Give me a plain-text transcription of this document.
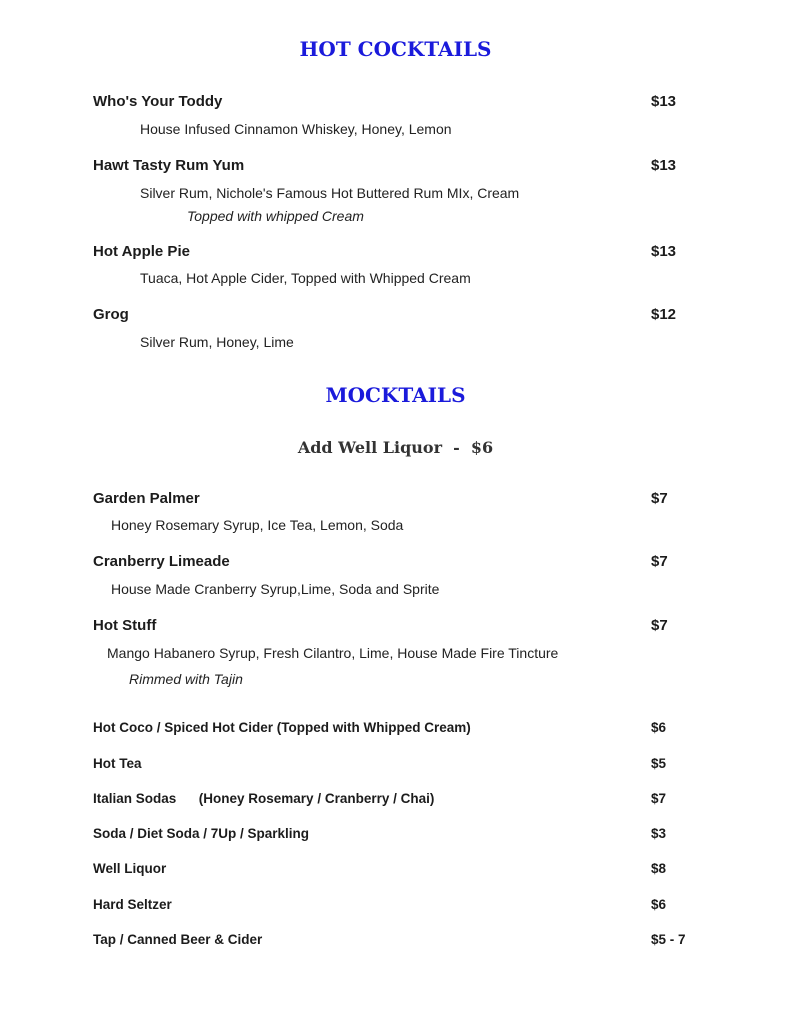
HOT COCKTAILS
Who's Your Toddy	$13
House Infused Cinnamon Whiskey, Honey, Lemon
Hawt Tasty Rum Yum	$13
Silver Rum, Nichole's Famous Hot Buttered Rum MIx, Cream
Topped with whipped Cream
Hot Apple Pie	$13
Tuaca, Hot Apple Cider, Topped with Whipped Cream
Grog	$12
Silver Rum, Honey, Lime
MOCKTAILS
Add Well Liquor  -  $6
Garden Palmer	$7
Honey Rosemary Syrup, Ice Tea, Lemon, Soda
Cranberry Limeade	$7
House Made Cranberry Syrup,Lime, Soda and Sprite
Hot Stuff	$7
Mango Habanero Syrup, Fresh Cilantro, Lime, House Made Fire Tincture
Rimmed with Tajin
Hot Coco / Spiced Hot Cider (Topped with Whipped Cream)	$6
Hot Tea	$5
Italian Sodas      (Honey Rosemary / Cranberry / Chai)	$7
Soda / Diet Soda / 7Up / Sparkling	$3
Well Liquor	$8
Hard Seltzer	$6
Tap / Canned Beer & Cider	$5 - 7
